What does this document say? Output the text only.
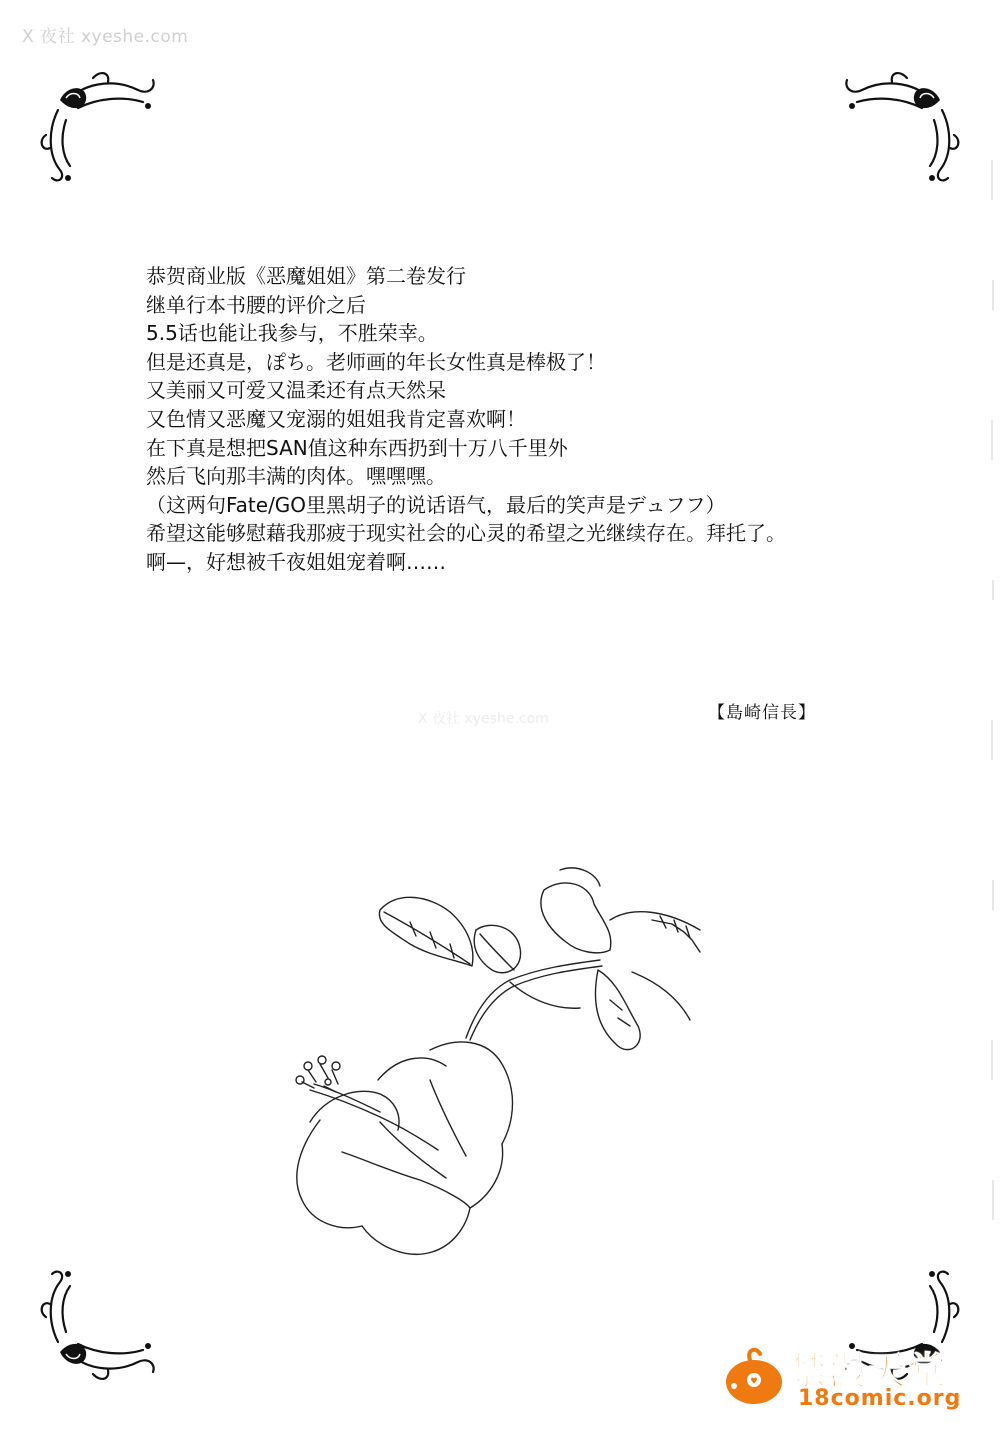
X 夜社 xyeshe.com
恭贺商业版《恶魔姐姐》第二卷发行
继单行本书腰的评价之后
5.5话也能让我参与，不胜荣幸。
但是还真是，ぽち。老师画的年长女性真是棒极了！
又美丽又可爱又温柔还有点天然呆
又色情又恶魔又宠溺的姐姐我肯定喜欢啊！
在下真是想把SAN值这种东西扔到十万八千里外
然后飞向那丰满的肉体。嘿嘿嘿。
（这两句Fate/GO里黑胡子的说话语气，最后的笑声是デュフフ）
希望这能够慰藉我那疲于现实社会的心灵的希望之光继续存在。拜托了。
啊—，好想被千夜姐姐宠着啊……
X 夜社 xyeshe.com	【島崎信長】
禁漫天堂
18comic.org
